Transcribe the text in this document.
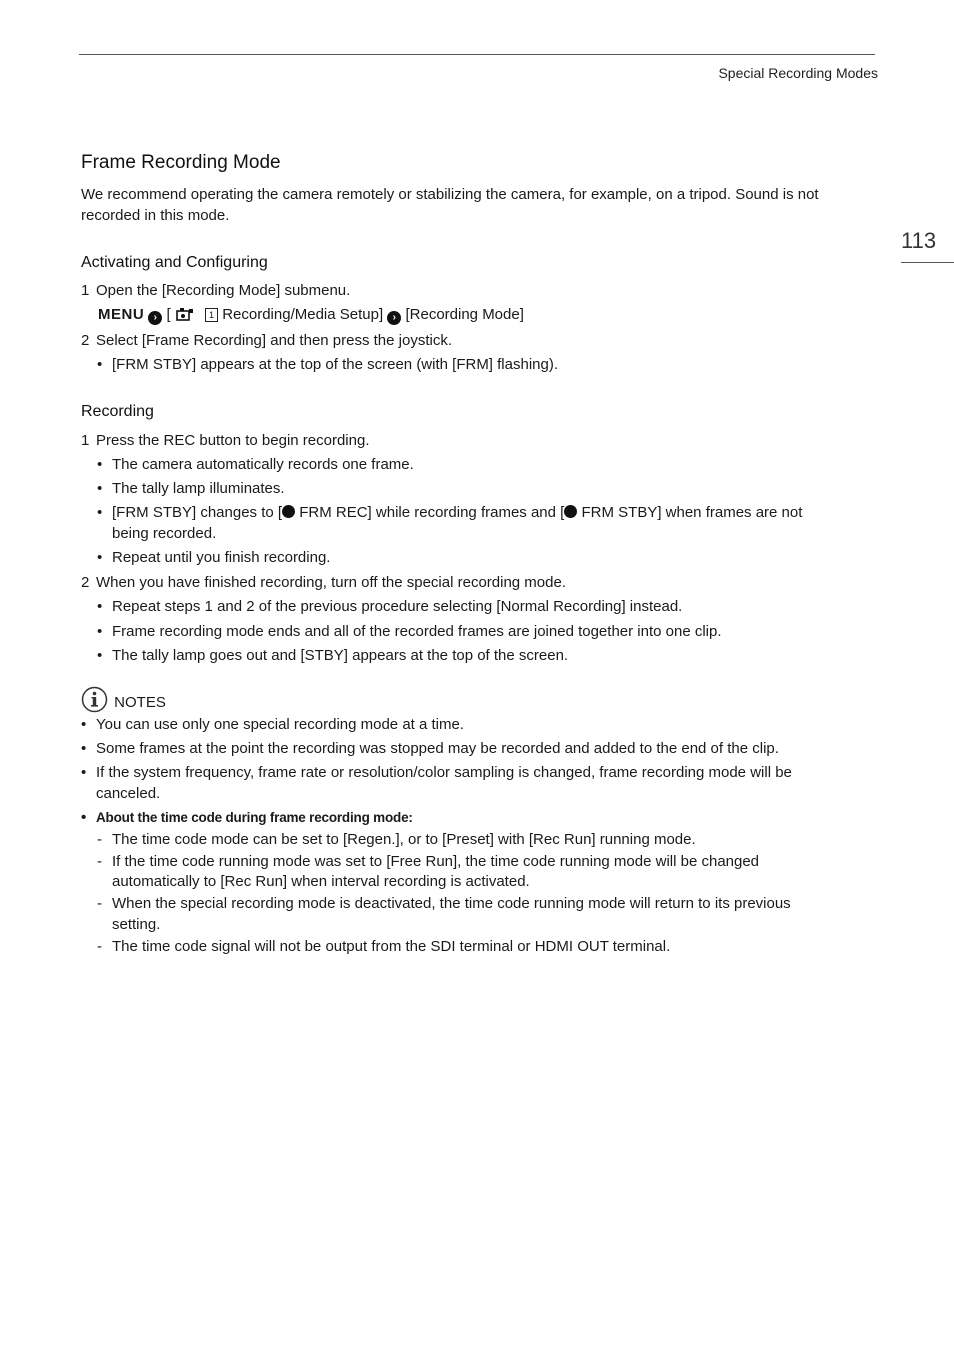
Special Recording Modes
113
Frame Recording Mode
We recommend operating the camera remotely or stabilizing the camera, for example, on a tripod. Sound is not
recorded in this mode.
Activating and Configuring
1 Open the [Recording Mode] submenu.
MENU › [	1 Recording/Media Setup] › [Recording Mode]
2 Select [Frame Recording] and then press the joystick.
• [FRM STBY] appears at the top of the screen (with [FRM] flashing).
Recording
1 Press the REC button to begin recording.
• The camera automatically records one frame.
• The tally lamp illuminates.
• [FRM STBY] changes to [ FRM REC] while recording frames and [ FRM STBY] when frames are not
being recorded.
• Repeat until you finish recording.
2 When you have finished recording, turn off the special recording mode.
• Repeat steps 1 and 2 of the previous procedure selecting [Normal Recording] instead.
• Frame recording mode ends and all of the recorded frames are joined together into one clip.
• The tally lamp goes out and [STBY] appears at the top of the screen.
NOTES
• You can use only one special recording mode at a time.
• Some frames at the point the recording was stopped may be recorded and added to the end of the clip.
• If the system frequency, frame rate or resolution/color sampling is changed, frame recording mode will be
canceled.
• About the time code during frame recording mode:
- The time code mode can be set to [Regen.], or to [Preset] with [Rec Run] running mode.
- If the time code running mode was set to [Free Run], the time code running mode will be changed
automatically to [Rec Run] when interval recording is activated.
- When the special recording mode is deactivated, the time code running mode will return to its previous
setting.
- The time code signal will not be output from the SDI terminal or HDMI OUT terminal.
